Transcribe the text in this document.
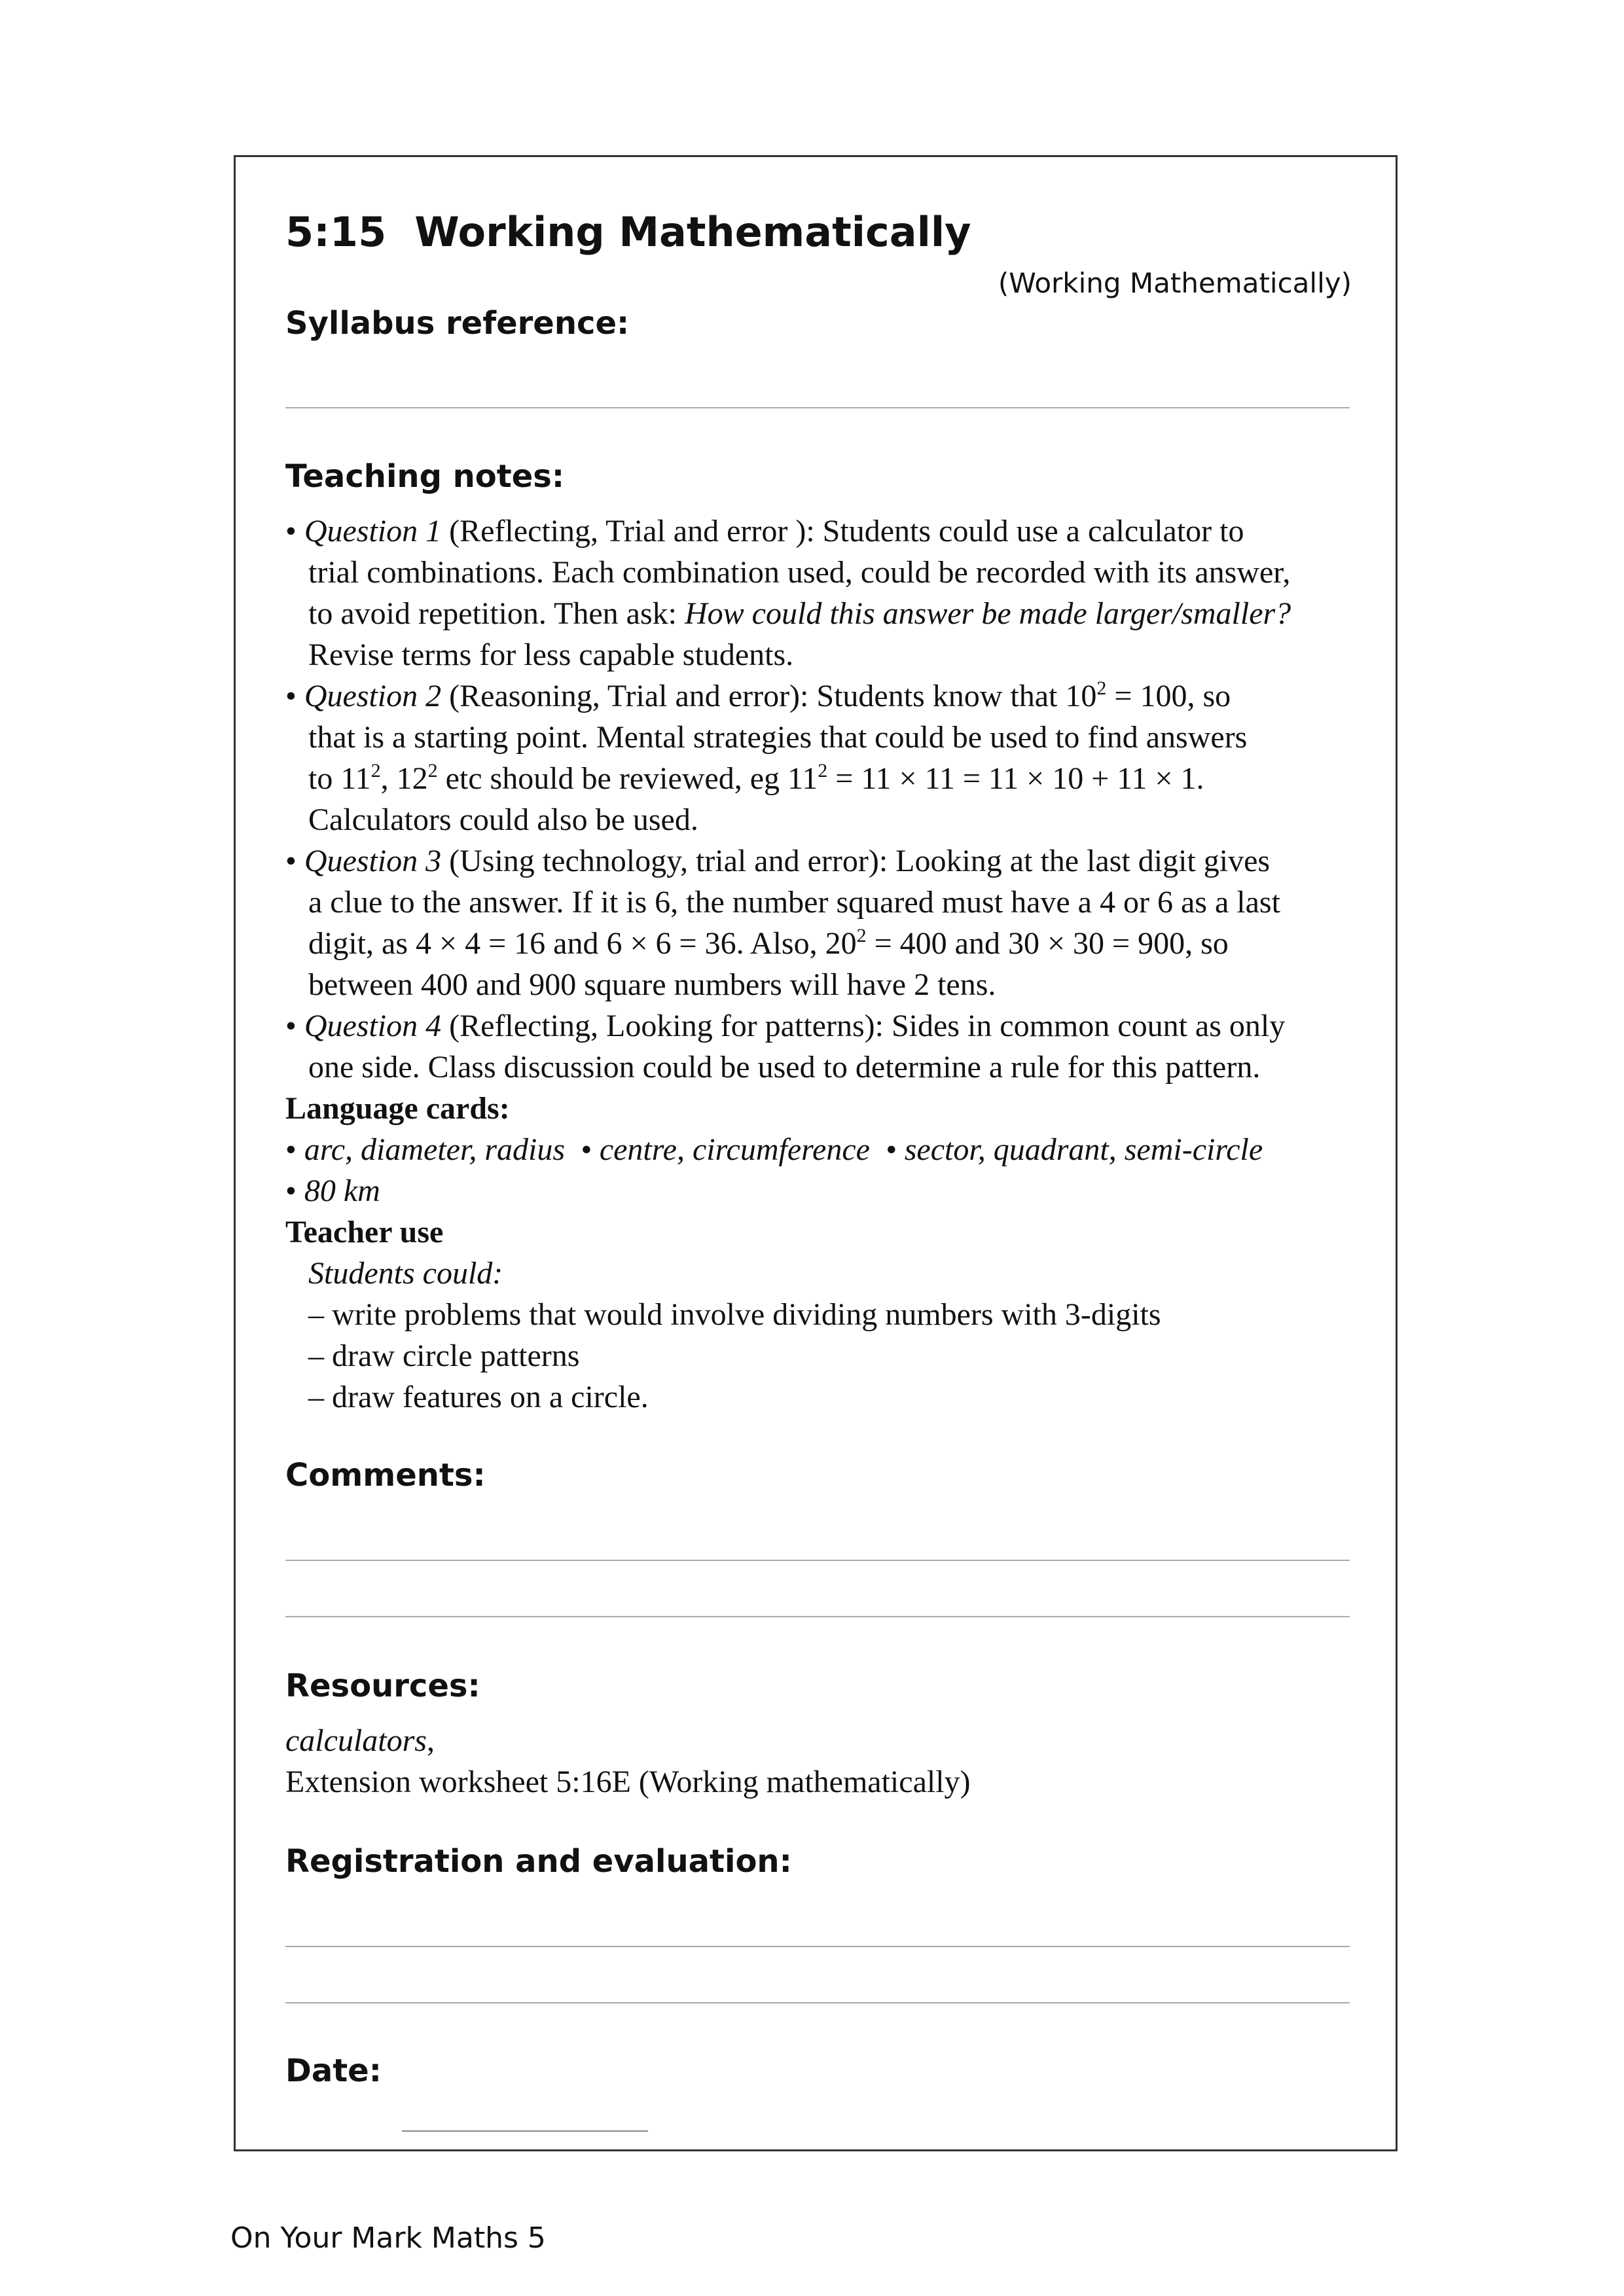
5:15  Working Mathematically
(Working Mathematically)
Syllabus reference:
Teaching notes:
• Question 1 (Reflecting, Trial and error ): Students could use a calculator to
trial combinations. Each combination used, could be recorded with its answer,
to avoid repetition. Then ask: How could this answer be made larger/smaller?
Revise terms for less capable students.
• Question 2 (Reasoning, Trial and error): Students know that $10^2 = 100$, so
that is a starting point. Mental strategies that could be used to find answers
to $11^2$, $12^2$ etc should be reviewed, eg $11^2 = 11 \times 11 = 11 \times 10 + 11 \times 1$.
Calculators could also be used.
• Question 3 (Using technology, trial and error): Looking at the last digit gives
a clue to the answer. If it is 6, the number squared must have a 4 or 6 as a last
digit, as 4 × 4 = 16 and 6 × 6 = 36. Also, $20^2 = 400$ and 30 × 30 = 900, so
between 400 and 900 square numbers will have 2 tens.
• Question 4 (Reflecting, Looking for patterns): Sides in common count as only
one side. Class discussion could be used to determine a rule for this pattern.
Language cards:
• arc, diameter, radius  • centre, circumference  • sector, quadrant, semi-circle
• 80 km
Teacher use
Students could:
– write problems that would involve dividing numbers with 3-digits
– draw circle patterns
– draw features on a circle.
Comments:
Resources:
calculators,
Extension worksheet 5:16E (Working mathematically)
Registration and evaluation:
Date:
On Your Mark Maths 5
